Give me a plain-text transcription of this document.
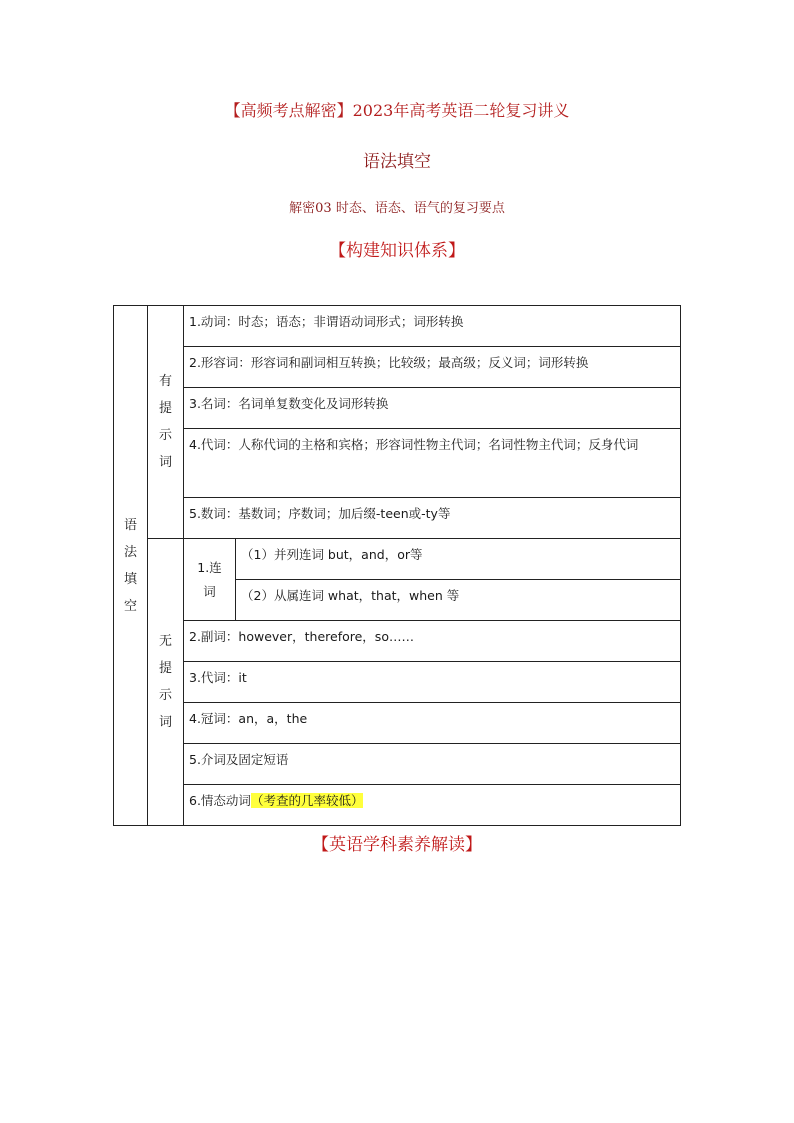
【高频考点解密】2023年高考英语二轮复习讲义
语法填空
解密03 时态、语态、语气的复习要点
【构建知识体系】
语法填空	有提示词	1.动词：时态；语态；非谓语动词形式；词形转换	
		2.形容词：形容词和副词相互转换；比较级；最高级；反义词；词形转换	
		3.名词：名词单复数变化及词形转换	
		4.代词：人称代词的主格和宾格；形容词性物主代词；名词性物主代词；反身代词	
		5.数词：基数词；序数词；加后缀-teen或-ty等	
	无提示词	1.连词	（1）并列连词 but，and，or等
			（2）从属连词 what，that，when 等
		2.副词：however，therefore，so……	
		3.代词：it	
		4.冠词：an，a，the	
		5.介词及固定短语	
		6.情态动词（考查的几率较低）	
【英语学科素养解读】
